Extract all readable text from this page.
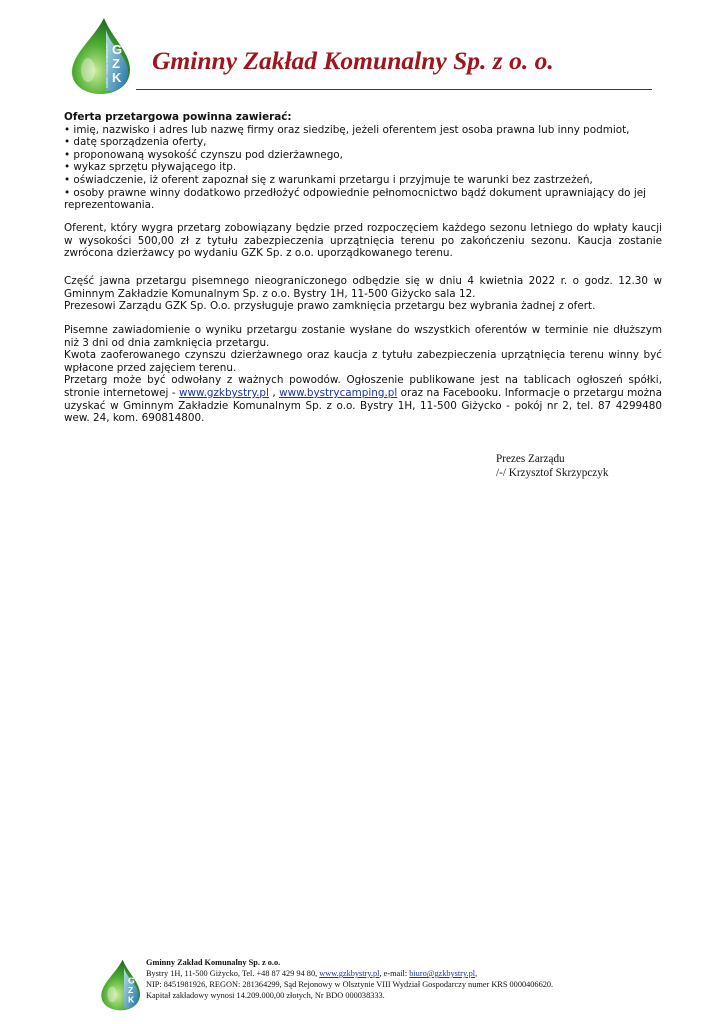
G
Z
K
GMINNY ZAKŁAD KOMUNALNY Gminny Zakład Komunalny Sp. z o. o.
Oferta przetargowa powinna zawierać:
• imię, nazwisko i adres lub nazwę firmy oraz siedzibę, jeżeli oferentem jest osoba prawna lub inny podmiot,
• datę sporządzenia oferty,
• proponowaną wysokość czynszu pod dzierżawnego,
• wykaz sprzętu pływającego itp.
• oświadczenie, iż oferent zapoznał się z warunkami przetargu i przyjmuje te warunki bez zastrzeżeń,
• osoby prawne winny dodatkowo przedłożyć odpowiednie pełnomocnictwo bądź dokument uprawniający do jej reprezentowania.
Oferent, który wygra przetarg zobowiązany będzie przed rozpoczęciem każdego sezonu letniego do wpłaty kaucji w wysokości 500,00 zł z tytułu zabezpieczenia uprzątnięcia terenu po zakończeniu sezonu. Kaucja zostanie zwrócona dzierżawcy po wydaniu GZK Sp. z o.o. uporządkowanego terenu.
Część jawna przetargu pisemnego nieograniczonego odbędzie się w dniu 4 kwietnia 2022 r. o godz. 12.30 w Gminnym Zakładzie Komunalnym Sp. z o.o. Bystry 1H, 11-500 Giżycko sala 12.
Prezesowi Zarządu GZK Sp. O.o. przysługuje prawo zamknięcia przetargu bez wybrania żadnej z ofert.
Pisemne zawiadomienie o wyniku przetargu zostanie wysłane do wszystkich oferentów w terminie nie dłuższym niż 3 dni od dnia zamknięcia przetargu.
Kwota zaoferowanego czynszu dzierżawnego oraz kaucja z tytułu zabezpieczenia uprzątnięcia terenu winny być wpłacone przed zajęciem terenu.
Przetarg może być odwołany z ważnych powodów. Ogłoszenie publikowane jest na tablicach ogłoszeń spółki, stronie internetowej - www.gzkbystry.pl , www.bystrycamping.pl oraz na Facebooku. Informacje o przetargu można uzyskać w Gminnym Zakładzie Komunalnym Sp. z o.o. Bystry 1H, 11-500 Giżycko - pokój nr 2, tel. 87 4299480 wew. 24, kom. 690814800.
Prezes Zarządu
/-/ Krzysztof Skrzypczyk
G
Z
K
Gminny Zakład Komunalny Sp. z o.o.
Bystry 1H, 11-500 Giżycko, Tel. +48 87 429 94 80, www.gzkbystry.pl, e-mail: biuro@gzkbystry.pl,
NIP: 8451981926, REGON: 281364299, Sąd Rejonowy w Olsztynie VIII Wydział Gospodarczy numer KRS 0000406620.
Kapitał zakładowy wynosi 14.209.000,00 złotych, Nr BDO 000038333.
